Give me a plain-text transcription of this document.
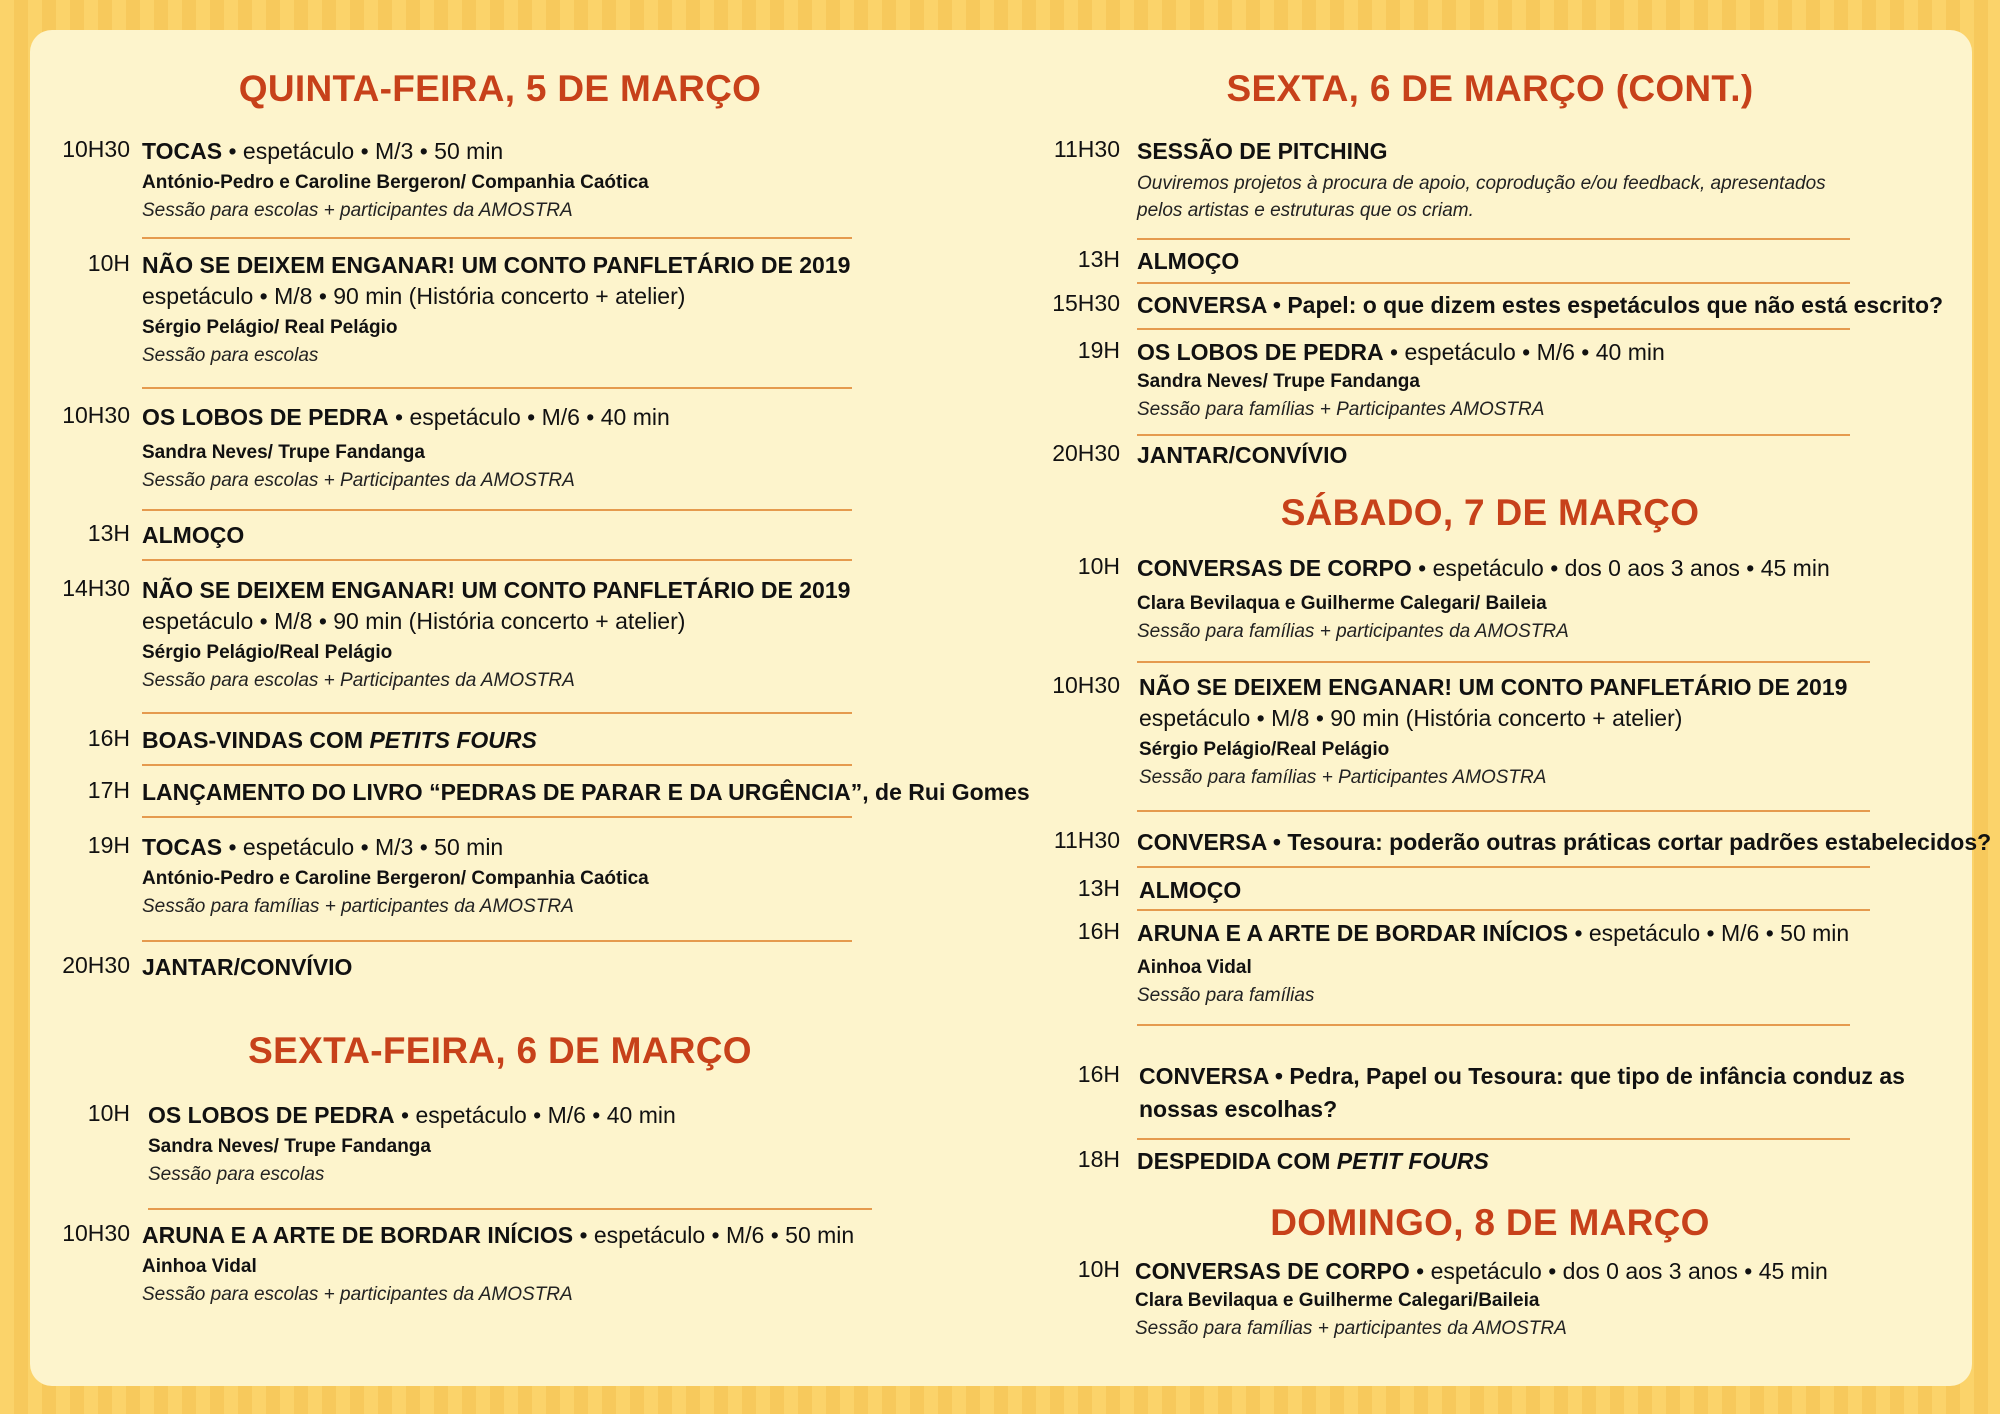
QUINTA-FEIRA, 5 DE MARÇO
10H30 TOCAS • espetáculo • M/3 • 50 min
António-Pedro e Caroline Bergeron/ Companhia Caótica
Sessão para escolas + participantes da AMOSTRA
10H NÃO SE DEIXEM ENGANAR! UM CONTO PANFLETÁRIO DE 2019
espetáculo • M/8 • 90 min (História concerto + atelier)
Sérgio Pelágio/ Real Pelágio
Sessão para escolas
10H30 OS LOBOS DE PEDRA • espetáculo • M/6 • 40 min
Sandra Neves/ Trupe Fandanga
Sessão para escolas + Participantes da AMOSTRA
13H ALMOÇO
14H30 NÃO SE DEIXEM ENGANAR! UM CONTO PANFLETÁRIO DE 2019
espetáculo • M/8 • 90 min (História concerto + atelier)
Sérgio Pelágio/Real Pelágio
Sessão para escolas + Participantes da AMOSTRA
16H BOAS-VINDAS COM PETITS FOURS
17H LANÇAMENTO DO LIVRO “PEDRAS DE PARAR E DA URGÊNCIA”, de Rui Gomes
19H TOCAS • espetáculo • M/3 • 50 min
António-Pedro e Caroline Bergeron/ Companhia Caótica
Sessão para famílias + participantes da AMOSTRA
20H30 JANTAR/CONVÍVIO
SEXTA-FEIRA, 6 DE MARÇO
10H OS LOBOS DE PEDRA • espetáculo • M/6 • 40 min
Sandra Neves/ Trupe Fandanga
Sessão para escolas
10H30 ARUNA E A ARTE DE BORDAR INÍCIOS • espetáculo • M/6 • 50 min
Ainhoa Vidal
Sessão para escolas + participantes da AMOSTRA
SEXTA, 6 DE MARÇO (CONT.)
11H30 SESSÃO DE PITCHING
Ouviremos projetos à procura de apoio, coprodução e/ou feedback, apresentados
pelos artistas e estruturas que os criam.
13H ALMOÇO
15H30 CONVERSA • Papel: o que dizem estes espetáculos que não está escrito?
19H OS LOBOS DE PEDRA • espetáculo • M/6 • 40 min
Sandra Neves/ Trupe Fandanga
Sessão para famílias + Participantes AMOSTRA
20H30 JANTAR/CONVÍVIO
SÁBADO, 7 DE MARÇO
10H CONVERSAS DE CORPO • espetáculo • dos 0 aos 3 anos • 45 min
Clara Bevilaqua e Guilherme Calegari/ Baileia
Sessão para famílias + participantes da AMOSTRA
10H30 NÃO SE DEIXEM ENGANAR! UM CONTO PANFLETÁRIO DE 2019
espetáculo • M/8 • 90 min (História concerto + atelier)
Sérgio Pelágio/Real Pelágio
Sessão para famílias + Participantes AMOSTRA
11H30 CONVERSA • Tesoura: poderão outras práticas cortar padrões estabelecidos?
13H ALMOÇO
16H ARUNA E A ARTE DE BORDAR INÍCIOS • espetáculo • M/6 • 50 min
Ainhoa Vidal
Sessão para famílias
16H CONVERSA • Pedra, Papel ou Tesoura: que tipo de infância conduz as
nossas escolhas?
18H DESPEDIDA COM PETIT FOURS
DOMINGO, 8 DE MARÇO
10H CONVERSAS DE CORPO • espetáculo • dos 0 aos 3 anos • 45 min
Clara Bevilaqua e Guilherme Calegari/Baileia
Sessão para famílias + participantes da AMOSTRA
